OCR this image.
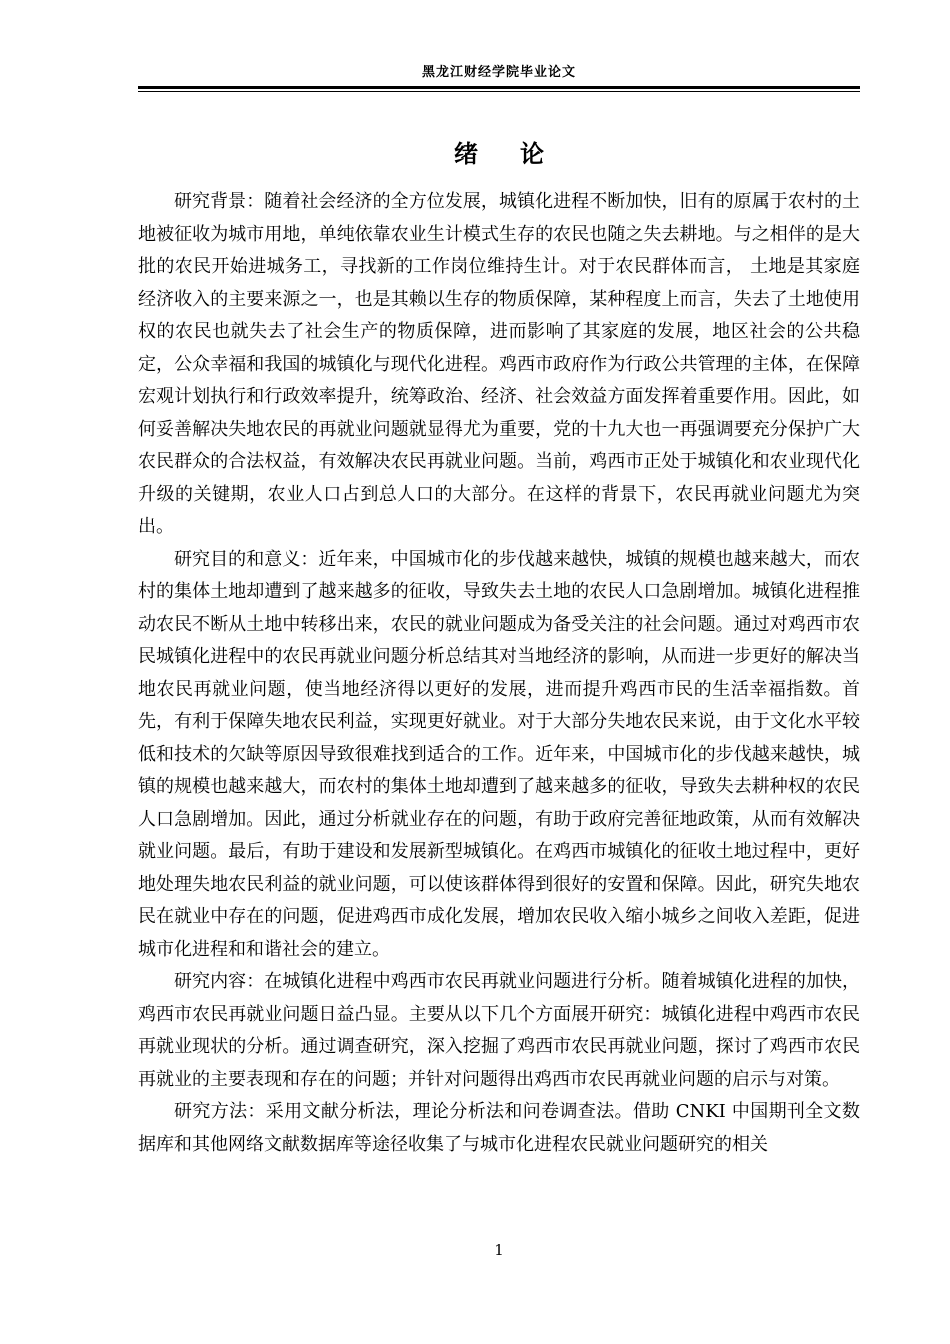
黑龙江财经学院毕业论文
绪论

研究背景：随着社会经济的全方位发展，城镇化进程不断加快，旧有的原属于农村的土地被征收为城市用地，单纯依靠农业生计模式生存的农民也随之失去耕地。与之相伴的是大批的农民开始进城务工，寻找新的工作岗位维持生计。对于农民群体而言， 土地是其家庭经济收入的主要来源之一，也是其赖以生存的物质保障，某种程度上而言，失去了土地使用权的农民也就失去了社会生产的物质保障，进而影响了其家庭的发展，地区社会的公共稳定，公众幸福和我国的城镇化与现代化进程。鸡西市政府作为行政公共管理的主体，在保障宏观计划执行和行政效率提升，统筹政治、经济、社会效益方面发挥着重要作用。因此，如何妥善解决失地农民的再就业问题就显得尤为重要，党的十九大也一再强调要充分保护广大农民群众的合法权益，有效解决农民再就业问题。当前，鸡西市正处于城镇化和农业现代化升级的关键期，农业人口占到总人口的大部分。在这样的背景下，农民再就业问题尤为突出。

研究目的和意义：近年来，中国城市化的步伐越来越快，城镇的规模也越来越大，而农村的集体土地却遭到了越来越多的征收，导致失去土地的农民人口急剧增加。城镇化进程推动农民不断从土地中转移出来，农民的就业问题成为备受关注的社会问题。通过对鸡西市农民城镇化进程中的农民再就业问题分析总结其对当地经济的影响，从而进一步更好的解决当地农民再就业问题，使当地经济得以更好的发展，进而提升鸡西市民的生活幸福指数。首先，有利于保障失地农民利益，实现更好就业。对于大部分失地农民来说，由于文化水平较低和技术的欠缺等原因导致很难找到适合的工作。近年来，中国城市化的步伐越来越快，城镇的规模也越来越大，而农村的集体土地却遭到了越来越多的征收，导致失去耕种权的农民人口急剧增加。因此，通过分析就业存在的问题，有助于政府完善征地政策，从而有效解决就业问题。最后，有助于建设和发展新型城镇化。在鸡西市城镇化的征收土地过程中，更好地处理失地农民利益的就业问题，可以使该群体得到很好的安置和保障。因此，研究失地农民在就业中存在的问题，促进鸡西市成化发展，增加农民收入缩小城乡之间收入差距，促进城市化进程和和谐社会的建立。

研究内容：在城镇化进程中鸡西市农民再就业问题进行分析。随着城镇化进程的加快，鸡西市农民再就业问题日益凸显。主要从以下几个方面展开研究：城镇化进程中鸡西市农民再就业现状的分析。通过调查研究，深入挖掘了鸡西市农民再就业问题，探讨了鸡西市农民再就业的主要表现和存在的问题；并针对问题得出鸡西市农民再就业问题的启示与对策。

研究方法：采用文献分析法，理论分析法和问卷调查法。借助 CNKI 中国期刊全文数据库和其他网络文献数据库等途径收集了与城市化进程农民就业问题研究的相关

1
